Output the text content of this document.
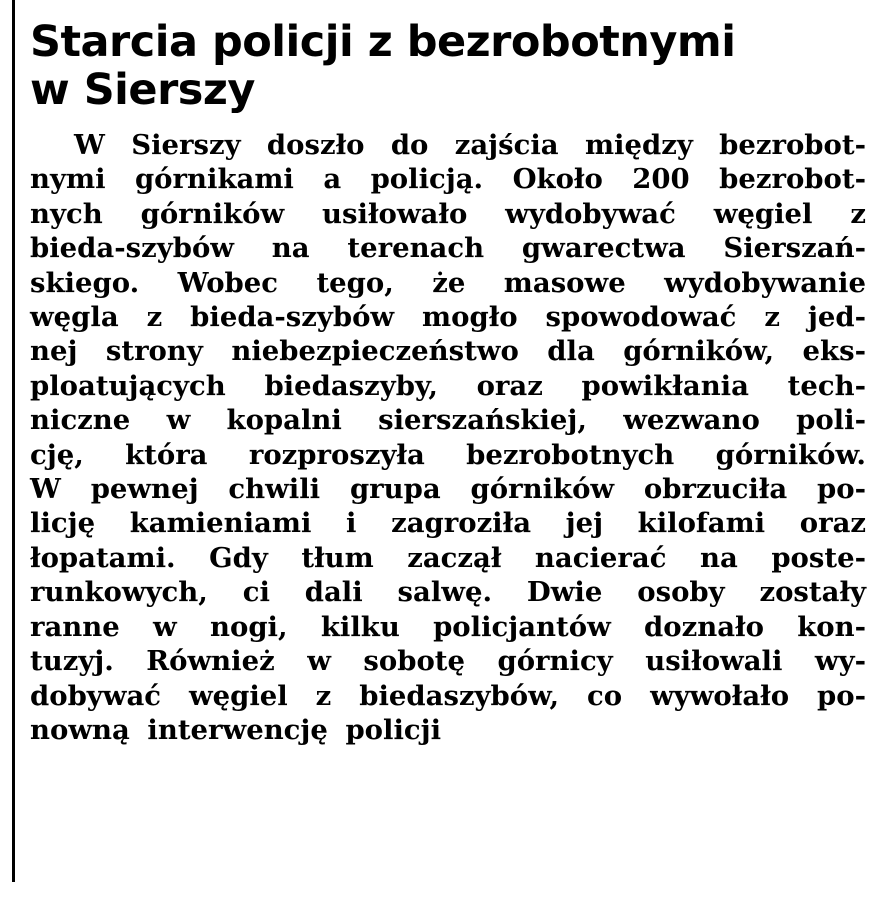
Starcia policji z bezrobotnymi
w Sierszy
W Sierszy doszło do zajścia między bezrobot-
nymi górnikami a policją. Około 200 bezrobot-
nych górników usiłowało wydobywać węgiel z
bieda-szybów na terenach gwarectwa Sierszań-
skiego. Wobec tego, że masowe wydobywanie
węgla z bieda-szybów mogło spowodować z jed-
nej strony niebezpieczeństwo dla górników, eks-
ploatujących biedaszyby, oraz powikłania tech-
niczne w kopalni sierszańskiej, wezwano poli-
cję, która rozproszyła bezrobotnych górników.
W pewnej chwili grupa górników obrzuciła po-
licję kamieniami i zagroziła jej kilofami oraz
łopatami. Gdy tłum zaczął nacierać na poste-
runkowych, ci dali salwę. Dwie osoby zostały
ranne w nogi, kilku policjantów doznało kon-
tuzyj. Również w sobotę górnicy usiłowali wy-
dobywać węgiel z biedaszybów, co wywołało po-
nowną interwencję policji
